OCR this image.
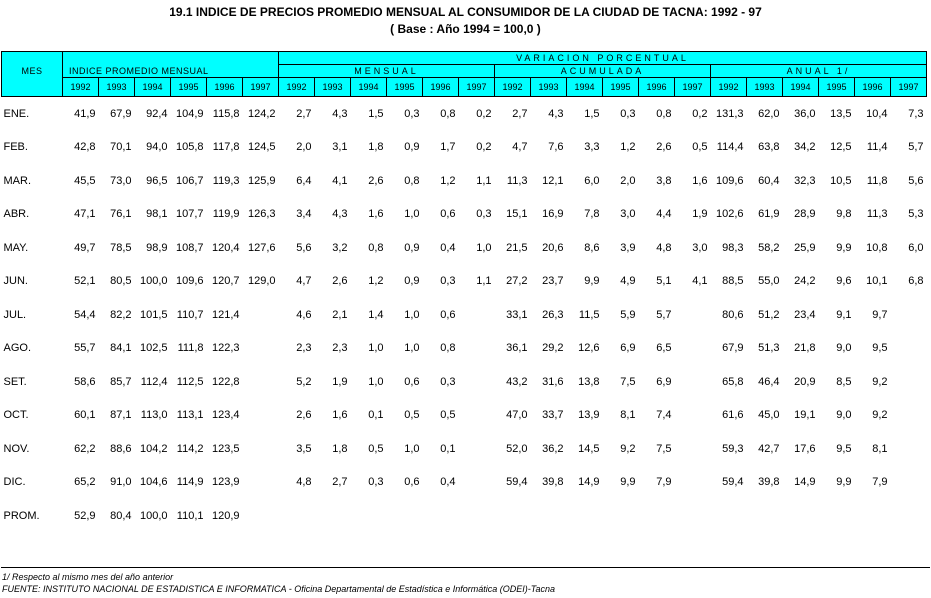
19.1 INDICE DE PRECIOS PROMEDIO MENSUAL AL CONSUMIDOR DE LA CIUDAD DE TACNA: 1992 - 97
( Base : Año 1994 = 100,0 )
							VARIACION PORCENTUAL																	
MES	INDICE PROMEDIO MENSUAL						MENSUAL						ACUMULADA						ANUAL 1/					
	1992	1993	1994	1995	1996	1997	1992	1993	1994	1995	1996	1997	1992	1993	1994	1995	1996	1997	1992	1993	1994	1995	1996	1997
ENE.	41,9	67,9	92,4	104,9	115,8	124,2	2,7	4,3	1,5	0,3	0,8	0,2	2,7	4,3	1,5	0,3	0,8	0,2	131,3	62,0	36,0	13,5	10,4	7,3
FEB.	42,8	70,1	94,0	105,8	117,8	124,5	2,0	3,1	1,8	0,9	1,7	0,2	4,7	7,6	3,3	1,2	2,6	0,5	114,4	63,8	34,2	12,5	11,4	5,7
MAR.	45,5	73,0	96,5	106,7	119,3	125,9	6,4	4,1	2,6	0,8	1,2	1,1	11,3	12,1	6,0	2,0	3,8	1,6	109,6	60,4	32,3	10,5	11,8	5,6
ABR.	47,1	76,1	98,1	107,7	119,9	126,3	3,4	4,3	1,6	1,0	0,6	0,3	15,1	16,9	7,8	3,0	4,4	1,9	102,6	61,9	28,9	9,8	11,3	5,3
MAY.	49,7	78,5	98,9	108,7	120,4	127,6	5,6	3,2	0,8	0,9	0,4	1,0	21,5	20,6	8,6	3,9	4,8	3,0	98,3	58,2	25,9	9,9	10,8	6,0
JUN.	52,1	80,5	100,0	109,6	120,7	129,0	4,7	2,6	1,2	0,9	0,3	1,1	27,2	23,7	9,9	4,9	5,1	4,1	88,5	55,0	24,2	9,6	10,1	6,8
JUL.	54,4	82,2	101,5	110,7	121,4		4,6	2,1	1,4	1,0	0,6		33,1	26,3	11,5	5,9	5,7		80,6	51,2	23,4	9,1	9,7	
AGO.	55,7	84,1	102,5	111,8	122,3		2,3	2,3	1,0	1,0	0,8		36,1	29,2	12,6	6,9	6,5		67,9	51,3	21,8	9,0	9,5	
SET.	58,6	85,7	112,4	112,5	122,8		5,2	1,9	1,0	0,6	0,3		43,2	31,6	13,8	7,5	6,9		65,8	46,4	20,9	8,5	9,2	
OCT.	60,1	87,1	113,0	113,1	123,4		2,6	1,6	0,1	0,5	0,5		47,0	33,7	13,9	8,1	7,4		61,6	45,0	19,1	9,0	9,2	
NOV.	62,2	88,6	104,2	114,2	123,5		3,5	1,8	0,5	1,0	0,1		52,0	36,2	14,5	9,2	7,5		59,3	42,7	17,6	9,5	8,1	
DIC.	65,2	91,0	104,6	114,9	123,9		4,8	2,7	0,3	0,6	0,4		59,4	39,8	14,9	9,9	7,9		59,4	39,8	14,9	9,9	7,9	
PROM.	52,9	80,4	100,0	110,1	120,9																			
1/ Respecto al mismo mes del año anterior
FUENTE: INSTITUTO NACIONAL DE ESTADISTICA E INFORMATICA - Oficina Departamental de Estadística e Informática (ODEI)-Tacna
